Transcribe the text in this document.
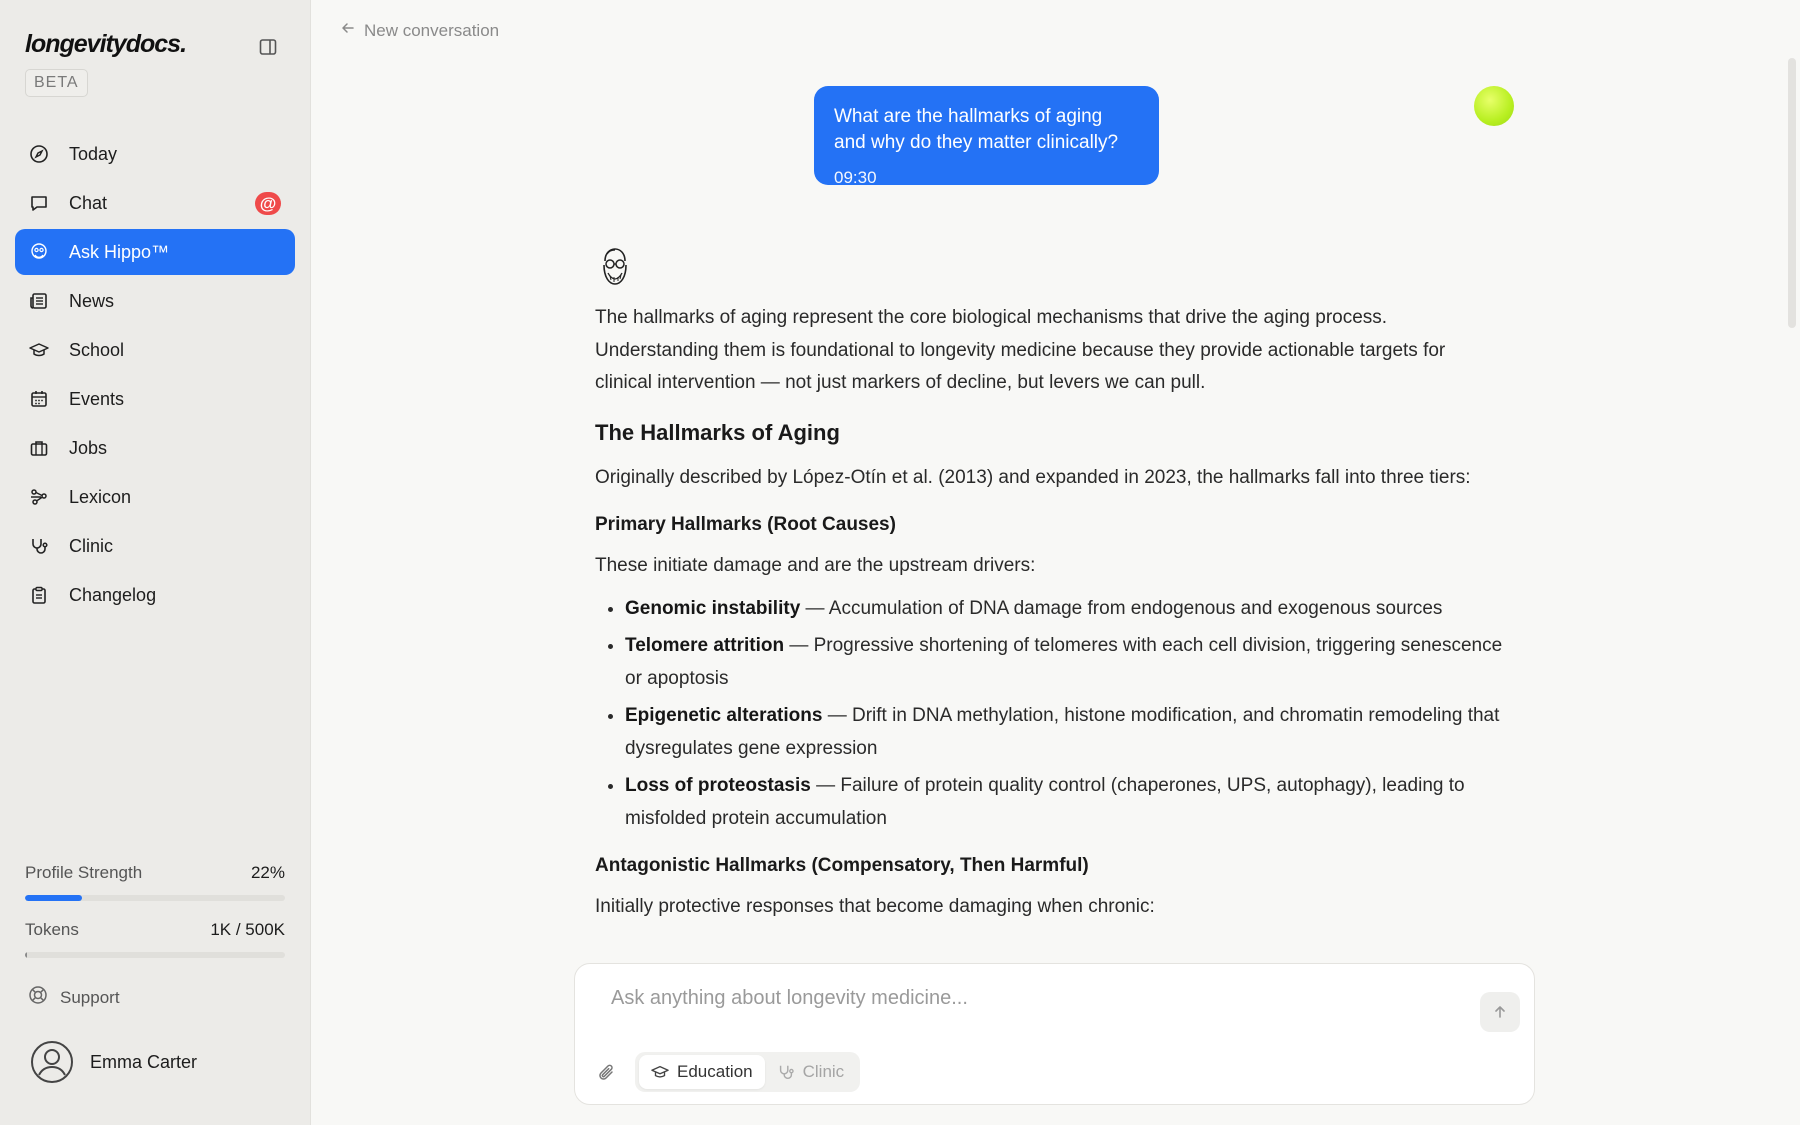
longevitydocs.
BETA
Today
Chat	@
Ask Hippo™
News
School
Events
Jobs
Lexicon
Clinic
Changelog
Profile Strength	22%
Tokens	1K / 500K
Support
Emma Carter
New conversation
What are the hallmarks of aging and why do they matter clinically?
09:30

The hallmarks of aging represent the core biological mechanisms that drive the aging process. Understanding them is foundational to longevity medicine because they provide actionable targets for clinical intervention — not just markers of decline, but levers we can pull.

The Hallmarks of Aging

Originally described by López-Otín et al. (2013) and expanded in 2023, the hallmarks fall into three tiers:

Primary Hallmarks (Root Causes)

These initiate damage and are the upstream drivers:

• Genomic instability — Accumulation of DNA damage from endogenous and exogenous sources
• Telomere attrition — Progressive shortening of telomeres with each cell division, triggering senescence or apoptosis
• Epigenetic alterations — Drift in DNA methylation, histone modification, and chromatin remodeling that dysregulates gene expression
• Loss of proteostasis — Failure of protein quality control (chaperones, UPS, autophagy), leading to misfolded protein accumulation
Antagonistic Hallmarks (Compensatory, Then Harmful)

Initially protective responses that become damaging when chronic:

Ask anything about longevity medicine...
Education	Clinic
